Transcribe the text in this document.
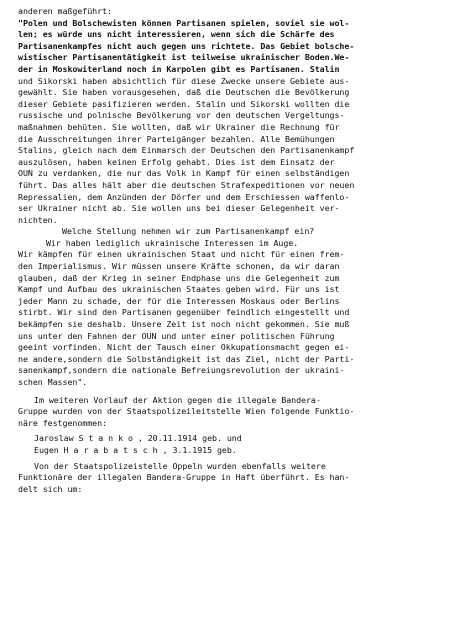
anderen maßgeführt:
"Polen und Bolschewisten können Partisanen spielen, soviel sie wol-
len; es würde uns nicht interessieren, wenn sich die Schärfe des
Partisanenkampfes nicht auch gegen uns richtete. Das Gebiet bolsche-
wistischer Partisanentätigkeit ist teilweise ukrainischer Boden.We-
der in Moskowiterland noch in Karpolen gibt es Partisanen. Stalin
und Sikorski haben absichtlich für diese Zwecke unsere Gebiete aus-
gewählt. Sie haben vorausgesehen, daß die Deutschen die Bevölkerung
dieser Gebiete pasifizieren werden. Stalin und Sikorski wollten die
russische und polnische Bevölkerung vor den deutschen Vergeltungs-
maßnahmen behüten. Sie wollten, daß wir Ukrainer die Rechnung für
die Ausschreitungen ihrer Parteigänger bezahlen. Alle Bemühungen
Stalins, gleich nach dem Einmarsch der Deutschen den Partisanenkampf
auszulösen, haben keinen Erfolg gehabt. Dies ist dem Einsatz der
OUN zu verdanken, die nur das Volk in Kampf für einen selbständigen
führt. Das alles hält aber die deutschen Strafexpeditionen vor neuen
Repressalien, dem Anzünden der Dörfer und dem Erschiessen waffenlo-
ser Ukrainer nicht ab. Sie wollen uns bei dieser Gelegenheit ver-
nichten.
Welche Stellung nehmen wir zum Partisanenkampf ein?
Wir haben lediglich ukrainische Interessen im Auge.
Wir kämpfen für einen ukrainischen Staat und nicht für einen frem-
den Imperialismus. Wir müssen unsere Kräfte schonen, da wir daran
glauben, daß der Krieg in seiner Endphase uns die Gelegenheit zum
Kampf und Aufbau des ukrainischen Staates geben wird. Für uns ist
jeder Mann zu schade, der für die Interessen Moskaus oder Berlins
stirbt. Wir sind den Partisanen gegenüber feindlich eingestellt und
bekämpfen sie deshalb. Unsere Zeit ist noch nicht gekommen. Sie muß
uns unter den Fahnen der OUN und unter einer politischen Führung
geeint vorfinden. Nicht der Tausch einer Okkupationsmacht gegen ei-
ne andere,sondern die Solbständigkeit ist das Ziel, nicht der Parti-
sanenkampf,sondern die nationale Befreiungsrevolution der ukraini-
schen Massen".
Im weiteren Vorlauf der Aktion gegen die illegale Bandera-
Gruppe wurden von der Staatspolizeileitstelle Wien folgende Funktio-
näre festgenommen:
Jaroslaw S t a n k o , 20.11.1914 geb. und
Eugen H a r a b a t s c h , 3.1.1915 geb.
Von der Staatspolizeistelle Oppeln wurden ebenfalls weitere
Funktionäre der illegalen Bandera-Gruppe in Haft überführt. Es han-
delt sich um:
